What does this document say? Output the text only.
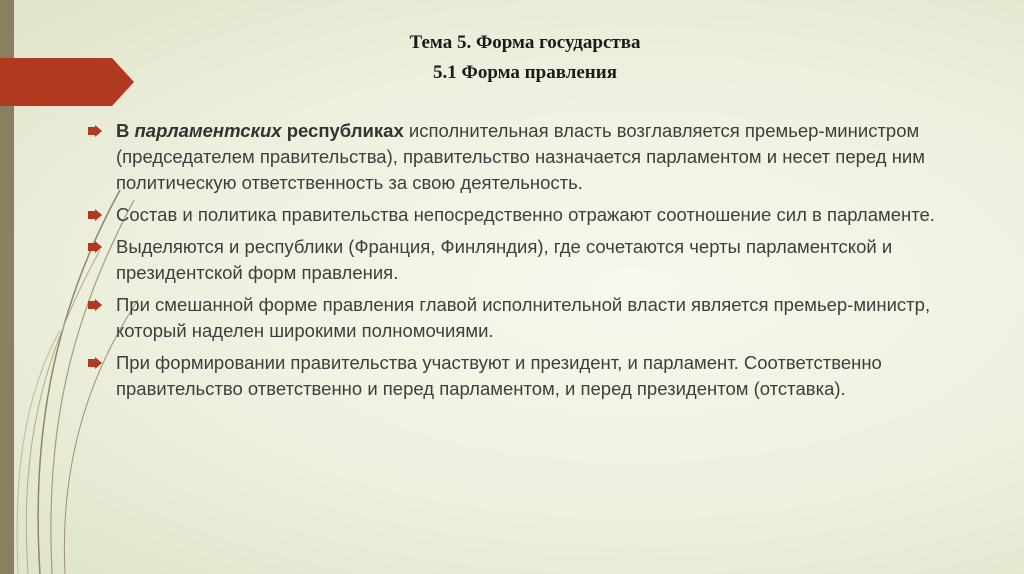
Тема 5. Форма государства
5.1 Форма правления
В парламентских республиках исполнительная власть возглавляется премьер-министром (председателем правительства), правительство назначается парламентом и несет перед ним политическую ответственность за свою деятельность.
Состав и политика правительства непосредственно отражают соотношение сил в парламенте.
Выделяются и республики (Франция, Финляндия), где сочетаются черты парламентской и президентской форм правления.
При смешанной форме правления главой исполнительной власти является премьер-министр, который наделен широкими полномочиями.
При формировании правительства участвуют и президент, и парламент. Соответственно правительство ответственно и перед парламентом, и перед президентом (отставка).
